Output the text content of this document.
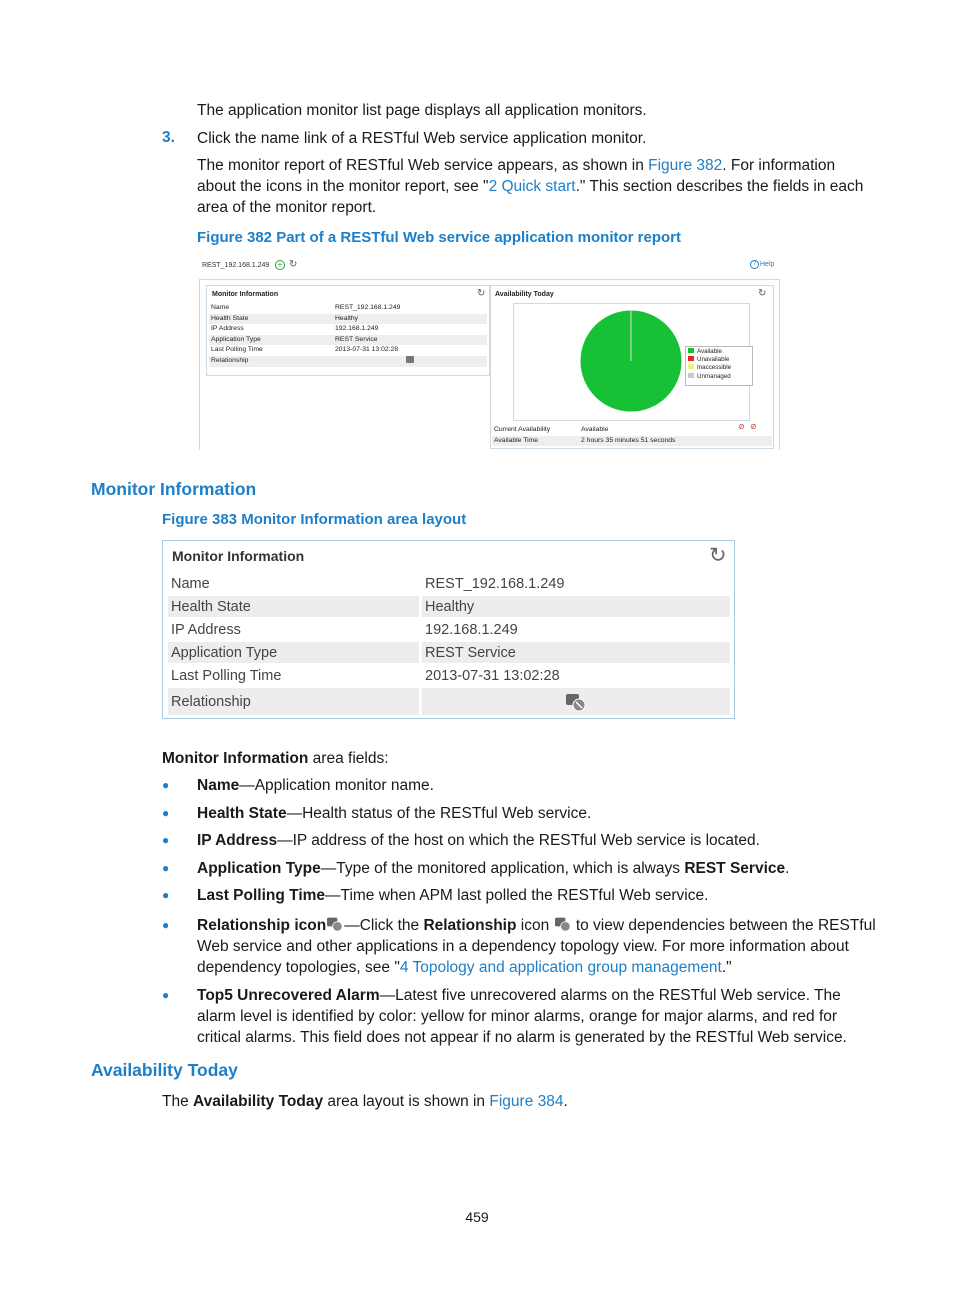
The application monitor list page displays all application monitors.

3. Click the name link of a RESTful Web service application monitor.

The monitor report of RESTful Web service appears, as shown in Figure 382. For information about the icons in the monitor report, see "2 Quick start." This section describes the fields in each area of the monitor report.

Figure 382 Part of a RESTful Web service application monitor report
REST_192.168.1.249	+ ↻	? Help
Monitor Information	↻
Name	REST_192.168.1.249
Health State	Healthy
IP Address	192.168.1.249
Application Type	REST Service
Last Polling Time	2013-07-31 13:02:28
Relationship	
Availability Today	↻
Available
Unavailable
Inaccessible
Unmanaged
⊘ ⊘
Current Availability	Available
Available Time	2 hours 35 minutes 51 seconds
Monitor Information
Figure 383 Monitor Information area layout
Monitor Information	↻
Name	REST_192.168.1.249
Health State	Healthy
IP Address	192.168.1.249
Application Type	REST Service
Last Polling Time	2013-07-31 13:02:28
Relationship	

Monitor Information area fields:

● Name—Application monitor name.
● Health State—Health status of the RESTful Web service.
● IP Address—IP address of the host on which the RESTful Web service is located.
● Application Type—Type of the monitored application, which is always REST Service.
● Last Polling Time—Time when APM last polled the RESTful Web service.
● Relationship icon —Click the Relationship icon  to view dependencies between the RESTful Web service and other applications in a dependency topology view. For more information about dependency topologies, see "4 Topology and application group management."
● Top5 Unrecovered Alarm—Latest five unrecovered alarms on the RESTful Web service. The alarm level is identified by color: yellow for minor alarms, orange for major alarms, and red for critical alarms. This field does not appear if no alarm is generated by the RESTful Web service.
Availability Today

The Availability Today area layout is shown in Figure 384.

459
